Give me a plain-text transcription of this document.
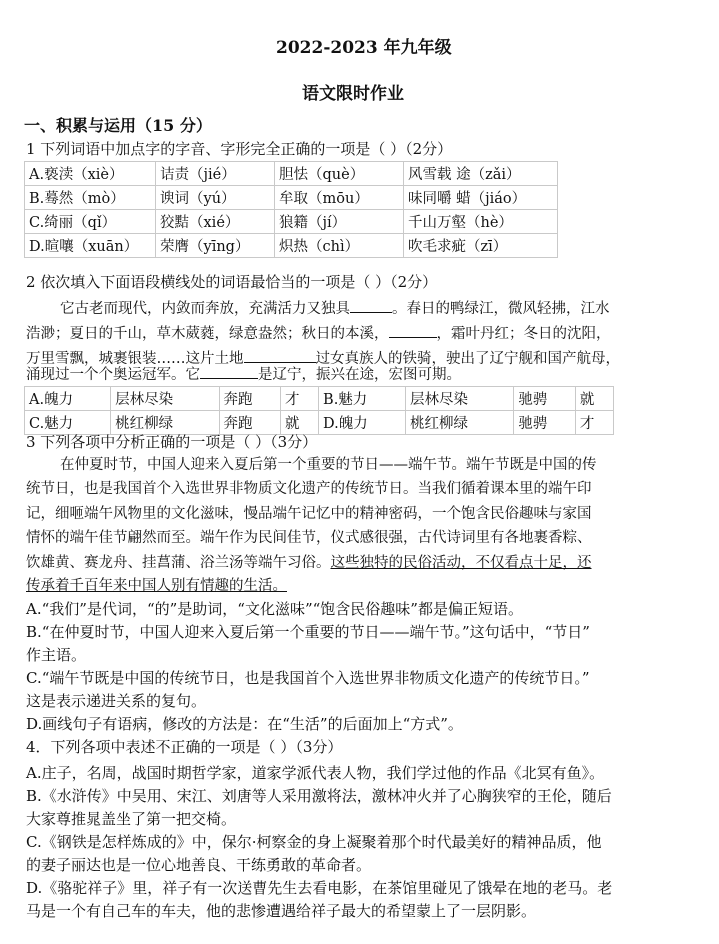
2022-2023 年九年级
语文限时作业
一、积累与运用（15 分）
1 下列词语中加点字的字音、字形完全正确的一项是（ ）（2分）
A.亵渎（xiè）	诘责（jié）	胆怯（què）	风雪载 途（zǎi）
B.蓦然（mò）	谀词（yú）	牟取（mōu）	味同嚼 蜡（jiáo）
C.绮丽（qǐ）	狡黠（xié）	狼籍（jí）	千山万壑（hè）
D.暄嚷（xuān）	荣膺（yīng）	炽热（chì）	吹毛求疵（zī）
2 依次填入下面语段横线处的词语最恰当的一项是（ ）（2分）
它古老而现代，内敛而奔放，充满活力又独具	。春日的鸭绿江，微风轻拂，江水
浩渺；夏日的千山，草木葳蕤，绿意盎然；秋日的本溪，	，霜叶丹红；冬日的沈阳，
万里雪飘，城裹银装……这片土地	过女真族人的铁骑，驶出了辽宁舰和国产航母，
涌现过一个个奥运冠军。它	是辽宁，振兴在途，宏图可期。
A.魄力	层林尽染	奔跑	才	B.魅力	层林尽染	驰骋	就
C.魅力	桃红柳绿	奔跑	就	D.魄力	桃红柳绿	驰骋	才
3 下列各项中分析正确的一项是（ ）（3分）
在仲夏时节，中国人迎来入夏后第一个重要的节日——端午节。端午节既是中国的传
统节日，也是我国首个入选世界非物质文化遗产的传统节日。当我们循着课本里的端午印
记，细咂端午风物里的文化滋味，慢品端午记忆中的精神密码，一个饱含民俗趣味与家国
情怀的端午佳节翩然而至。端午作为民间佳节，仪式感很强，古代诗词里有各地裹香粽、
饮雄黄、赛龙舟、挂菖蒲、浴兰汤等端午习俗。这些独特的民俗活动，不仅看点十足，还
传承着千百年来中国人别有情趣的生活。
A.“我们”是代词，“的”是助词，“文化滋味”“饱含民俗趣味”都是偏正短语。
B.“在仲夏时节，中国人迎来入夏后第一个重要的节日——端午节。”这句话中，“节日”
作主语。
C.“端午节既是中国的传统节日，也是我国首个入选世界非物质文化遗产的传统节日。”
这是表示递进关系的复句。
D.画线句子有语病，修改的方法是：在“生活”的后面加上“方式”。
4．下列各项中表述不正确的一项是（ ）（3分）
A.庄子，名周，战国时期哲学家，道家学派代表人物，我们学过他的作品《北冥有鱼》。
B.《水浒传》中吴用、宋江、刘唐等人采用激将法，激林冲火并了心胸狭窄的王伦，随后
大家尊推晁盖坐了第一把交椅。
C.《钢铁是怎样炼成的》中，保尔·柯察金的身上凝聚着那个时代最美好的精神品质，他
的妻子丽达也是一位心地善良、干练勇敢的革命者。
D.《骆驼祥子》里，祥子有一次送曹先生去看电影，在茶馆里碰见了饿晕在地的老马。老
马是一个有自己车的车夫，他的悲惨遭遇给祥子最大的希望蒙上了一层阴影。
